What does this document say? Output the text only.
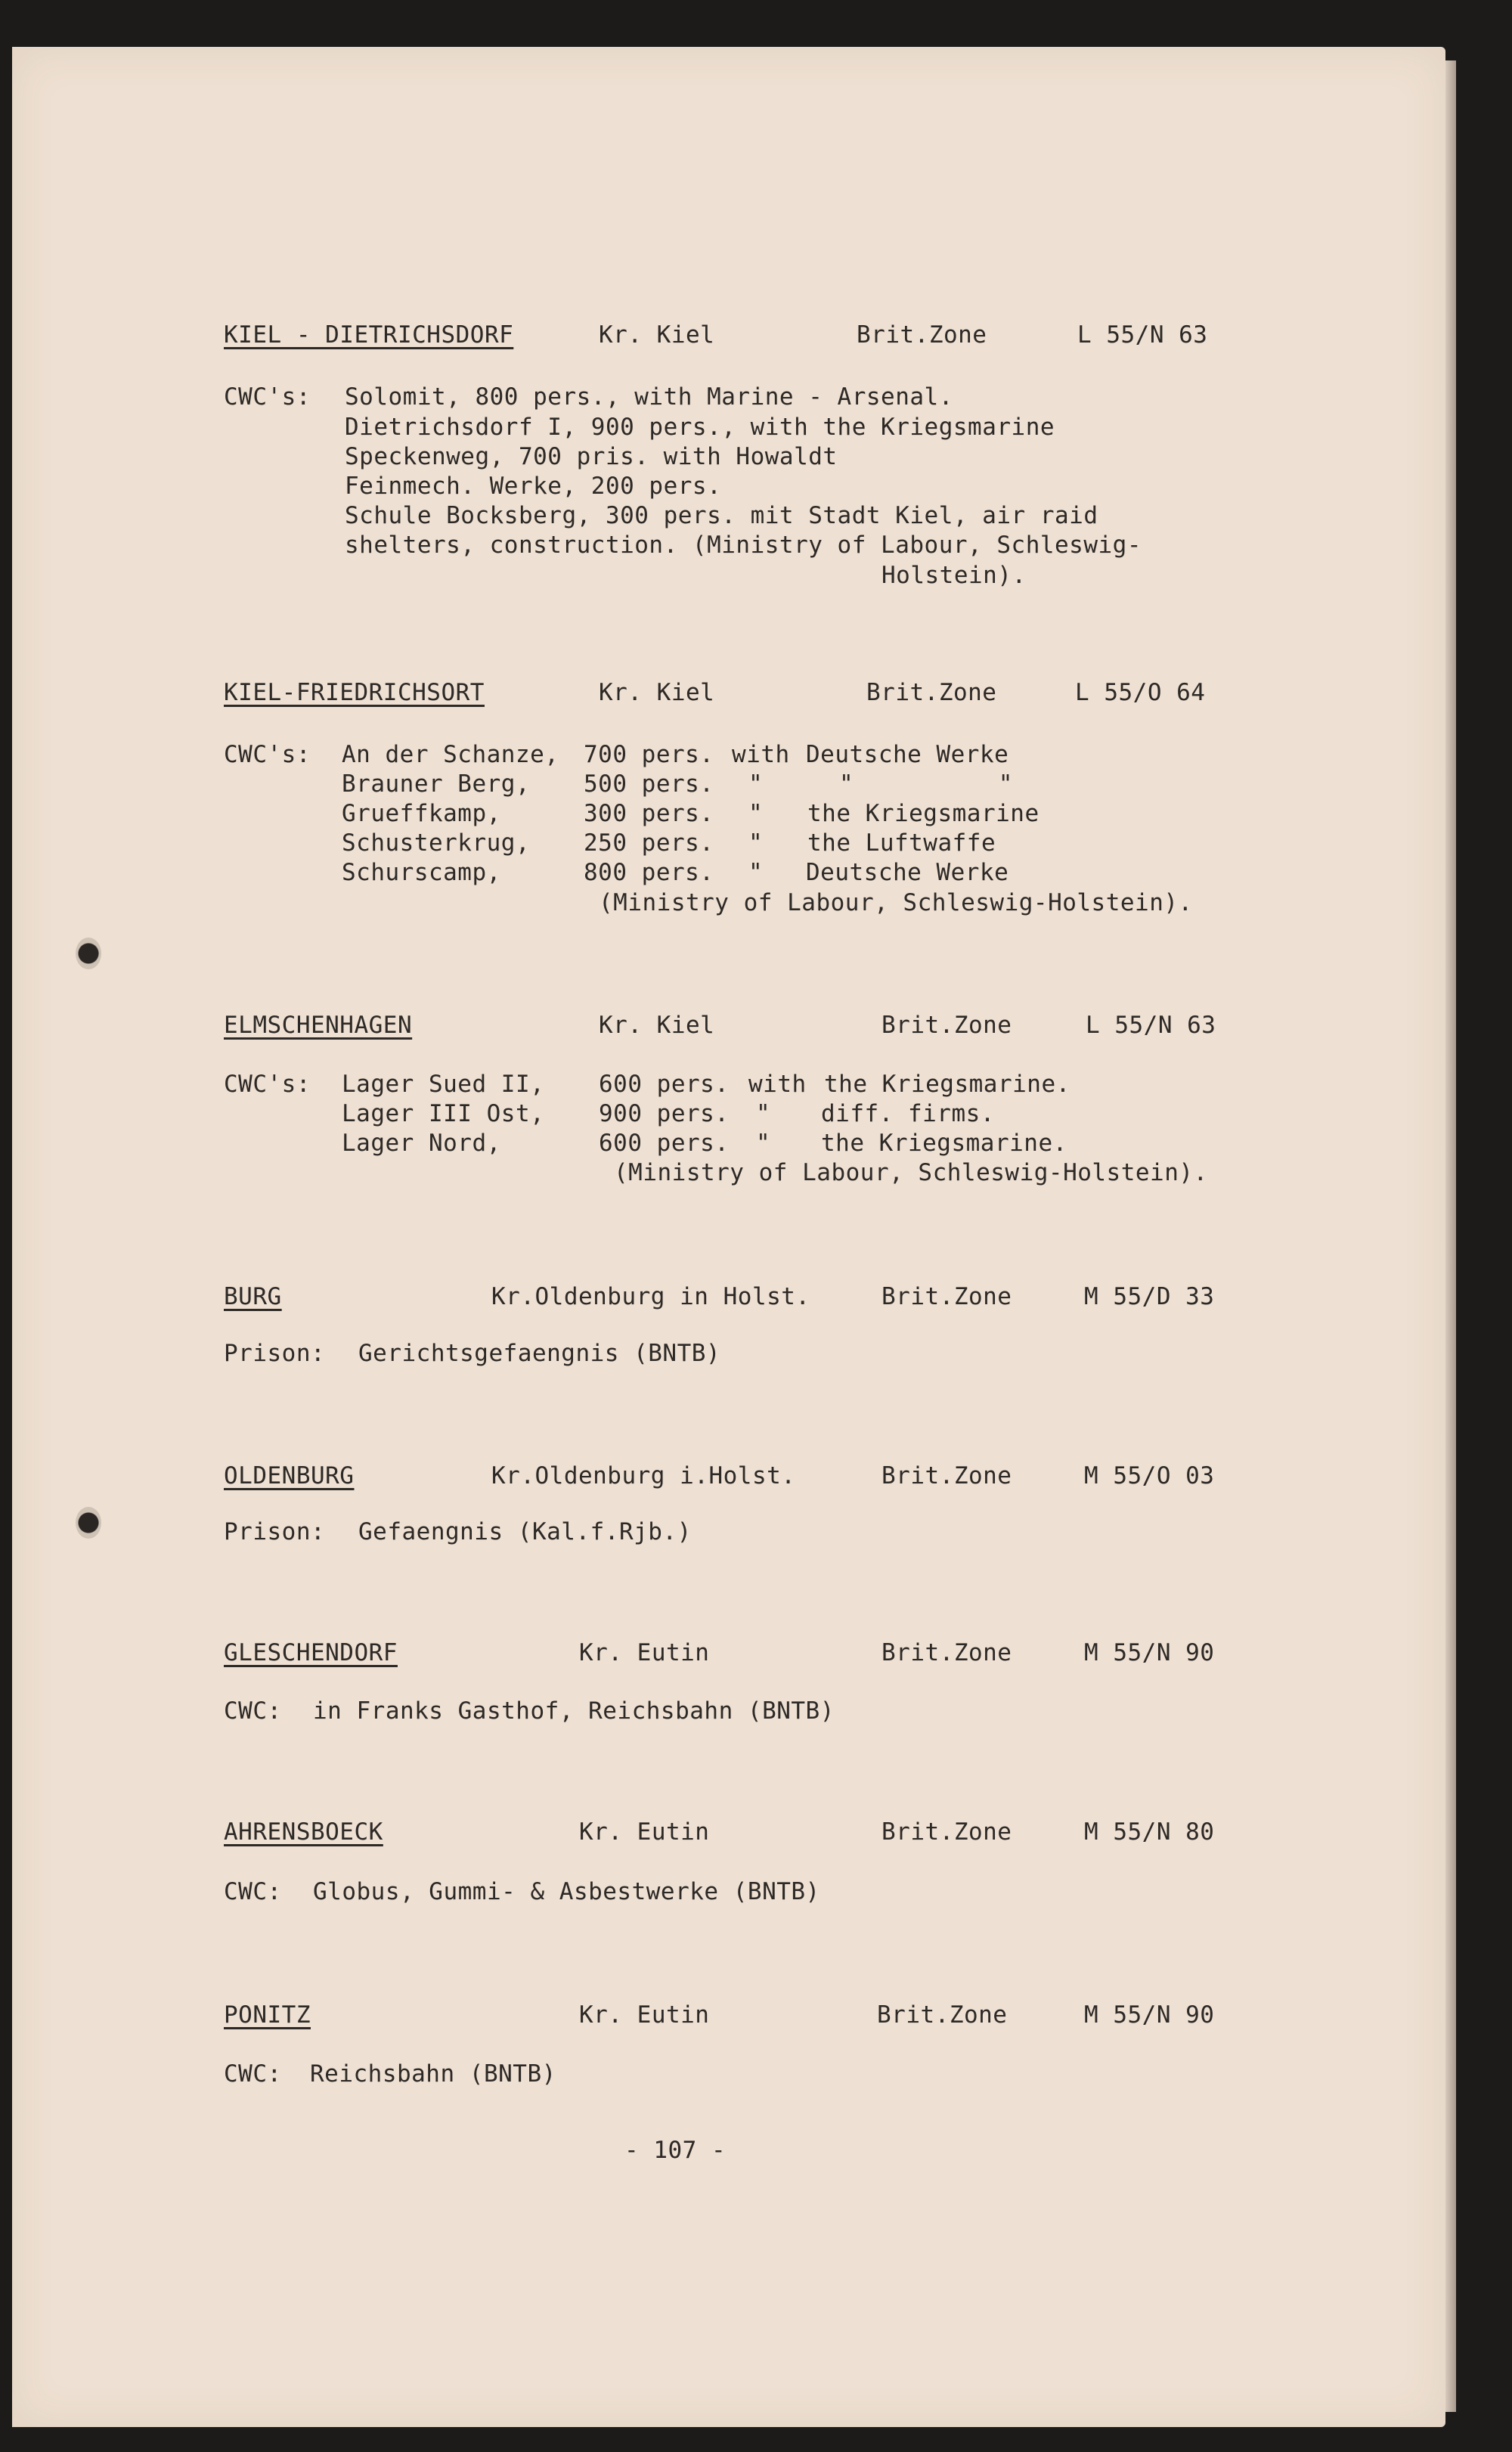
KIEL - DIETRICHSDORF	Kr. Kiel	Brit.Zone	L 55/N 63
CWC's: Solomit, 800 pers., with Marine - Arsenal.
Dietrichsdorf I, 900 pers., with the Kriegsmarine
Speckenweg, 700 pris. with Howaldt
Feinmech. Werke, 200 pers.
Schule Bocksberg, 300 pers. mit Stadt Kiel, air raid
shelters, construction. (Ministry of Labour, Schleswig-
Holstein).
KIEL-FRIEDRICHSORT	Kr. Kiel	Brit.Zone	L 55/O 64
CWC's: An der Schanze, 700 pers. with Deutsche Werke
Brauner Berg, 500 pers. "	"          "
Grueffkamp,	300 pers. " the Kriegsmarine
Schusterkrug, 250 pers. " the Luftwaffe
Schurscamp,	800 pers. " Deutsche Werke
(Ministry of Labour, Schleswig-Holstein).
ELMSCHENHAGEN	Kr. Kiel	Brit.Zone	L 55/N 63
CWC's: Lager Sued II, 600 pers. with the Kriegsmarine.
Lager III Ost, 900 pers. " diff. firms.
Lager Nord,	600 pers. " the Kriegsmarine.
(Ministry of Labour, Schleswig-Holstein).
BURG	Kr.Oldenburg in Holst.	Brit.Zone	M 55/D 33
Prison: Gerichtsgefaengnis (BNTB)
OLDENBURG	Kr.Oldenburg i.Holst.	Brit.Zone	M 55/O 03
Prison: Gefaengnis (Kal.f.Rjb.)
GLESCHENDORF	Kr. Eutin	Brit.Zone	M 55/N 90
CWC: in Franks Gasthof, Reichsbahn (BNTB)
AHRENSBOECK	Kr. Eutin	Brit.Zone	M 55/N 80
CWC: Globus, Gummi- & Asbestwerke (BNTB)
PONITZ	Kr. Eutin	Brit.Zone	M 55/N 90
CWC: Reichsbahn (BNTB)
- 107 -
